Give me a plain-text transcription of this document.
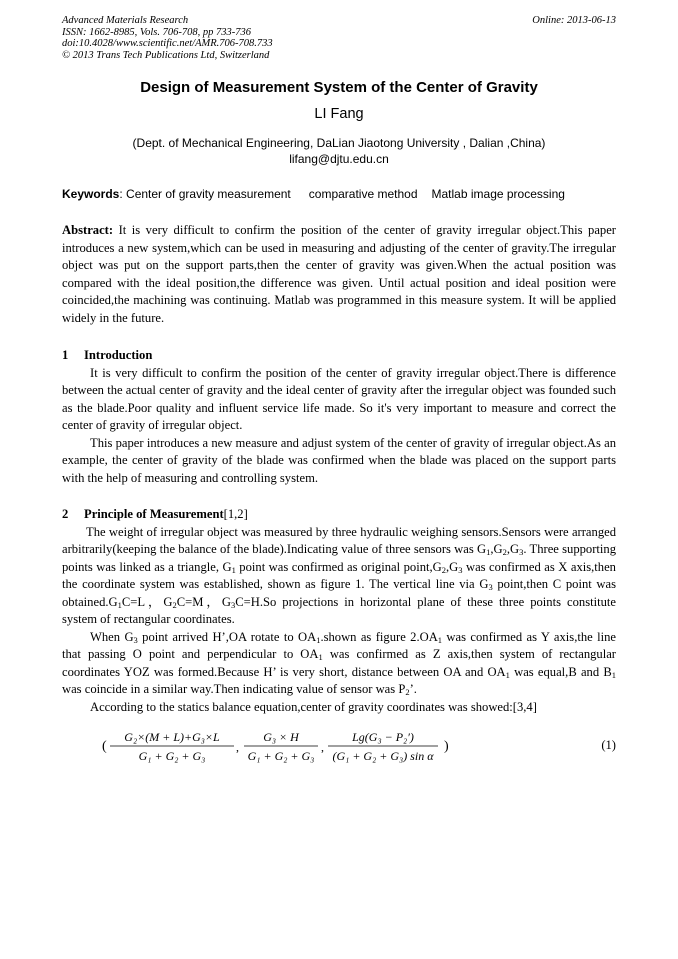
Advanced Materials Research
ISSN: 1662-8985, Vols. 706-708, pp 733-736
doi:10.4028/www.scientific.net/AMR.706-708.733
© 2013 Trans Tech Publications Ltd, Switzerland
Online: 2013-06-13
Design of Measurement System of the Center of Gravity
LI Fang
(Dept. of Mechanical Engineering, DaLian Jiaotong University , Dalian ,China)
lifang@djtu.edu.cn
Keywords: Center of gravity measurement comparative method Matlab image processing

Abstract: It is very difficult to confirm the position of the center of gravity irregular object.This paper introduces a new system,which can be used in measuring and adjusting of the center of gravity.The irregular object was put on the support parts,then the center of gravity was given.When the actual position was compared with the ideal position,the difference was given. Until actual position and ideal position were coincided,the machining was continuing. Matlab was programmed in this measure system. It will be applied widely in the future.

1 Introduction

It is very difficult to confirm the position of the center of gravity irregular object.There is difference between the actual center of gravity and the ideal center of gravity after the irregular object was founded such as the blade.Poor quality and influent service life made. So it's very important to measure and correct the center of gravity of irregular object.

This paper introduces a new measure and adjust system of the center of gravity of irregular object.As an example, the center of gravity of the blade was confirmed when the blade was placed on the support parts with the help of measuring and controlling system.

2 Principle of Measurement[1,2]

The weight of irregular object was measured by three hydraulic weighing sensors.Sensors were arranged arbitrarily(keeping the balance of the blade).Indicating value of three sensors was $G_1,G_2,G_3$. Three supporting points was linked as a triangle, $G_1$ point was confirmed as original $point,G_2,G_3$ was confirmed as X axis,then the coordinate system was established, shown as figure 1. The vertical line via $G_3$ point,then C point was $obtained.G_1C=L$，$G_2C=M$，$G_3C=H.So$ projections in horizontal plane of these three points constitute system of rectangular coordinates.

When $G_3$ point arrived H’,OA rotate to $OA_1.shown$ as figure $2.OA_1$ was confirmed as Y axis,the line that passing O point and perpendicular to $OA_1$ was confirmed as Z axis,then system of rectangular coordinates YOZ was formed.Because H’ is very short, distance between OA and $OA_1$ was equal,B and $B_1$ was coincide in a similar way.Then indicating value of sensor was $P_2$’.

According to the statics balance equation,center of gravity coordinates was showed:[3,4]

(
G₂×(M + L)+G₃×L
G₁ + G₂ + G₃
,
G₃ × H
G₁ + G₂ + G₃
,
Lg(G₃ − P₂′)
(G₁ + G₂ + G₃) sin α
)	(1)
